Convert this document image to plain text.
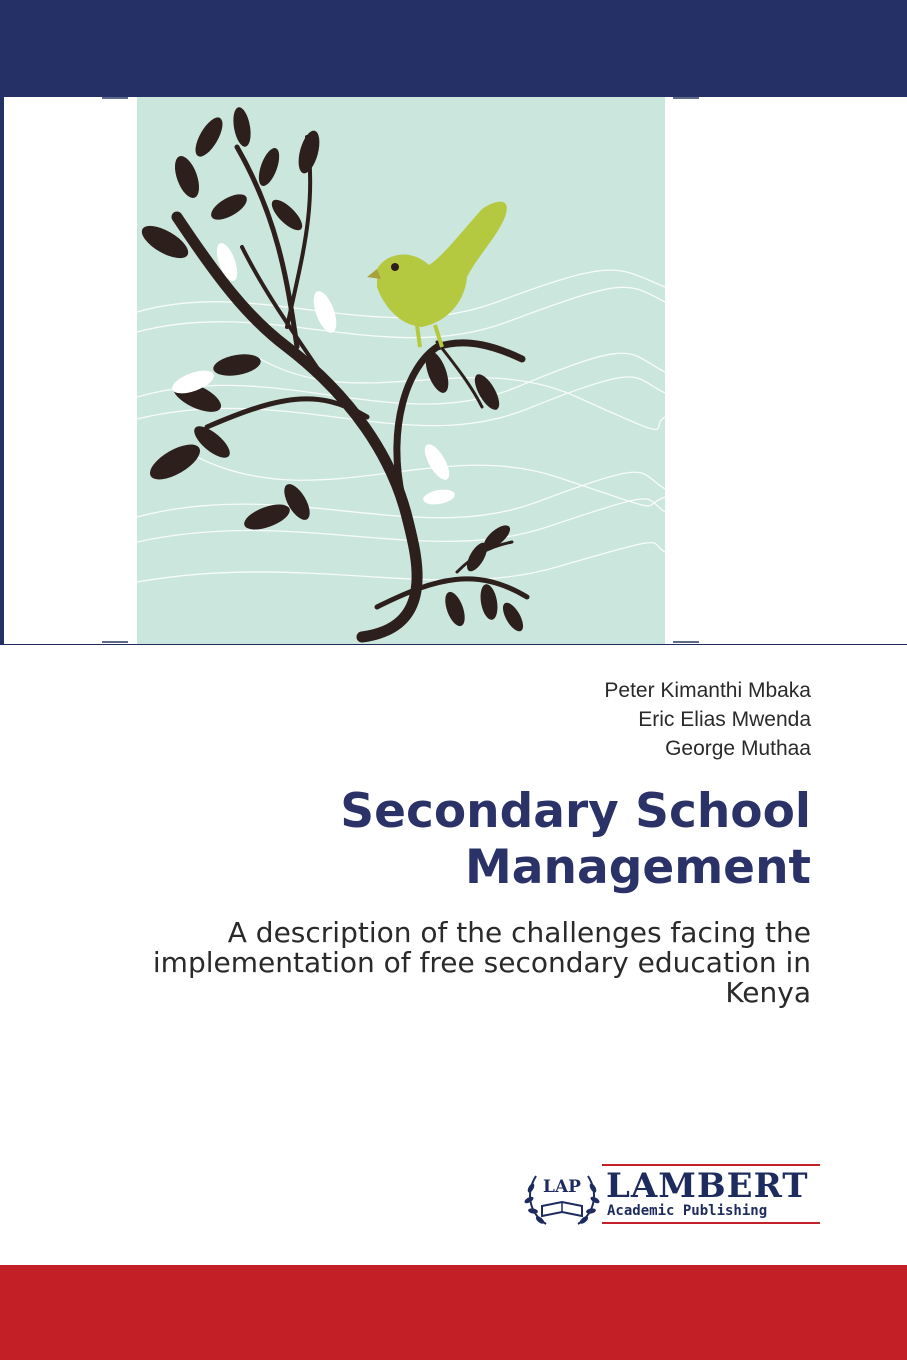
Peter Kimanthi Mbaka
Eric Elias Mwenda
George Muthaa
Secondary School
Management
A description of the challenges facing the
implementation of free secondary education in
Kenya
LAP LAMBERT
Academic Publishing
